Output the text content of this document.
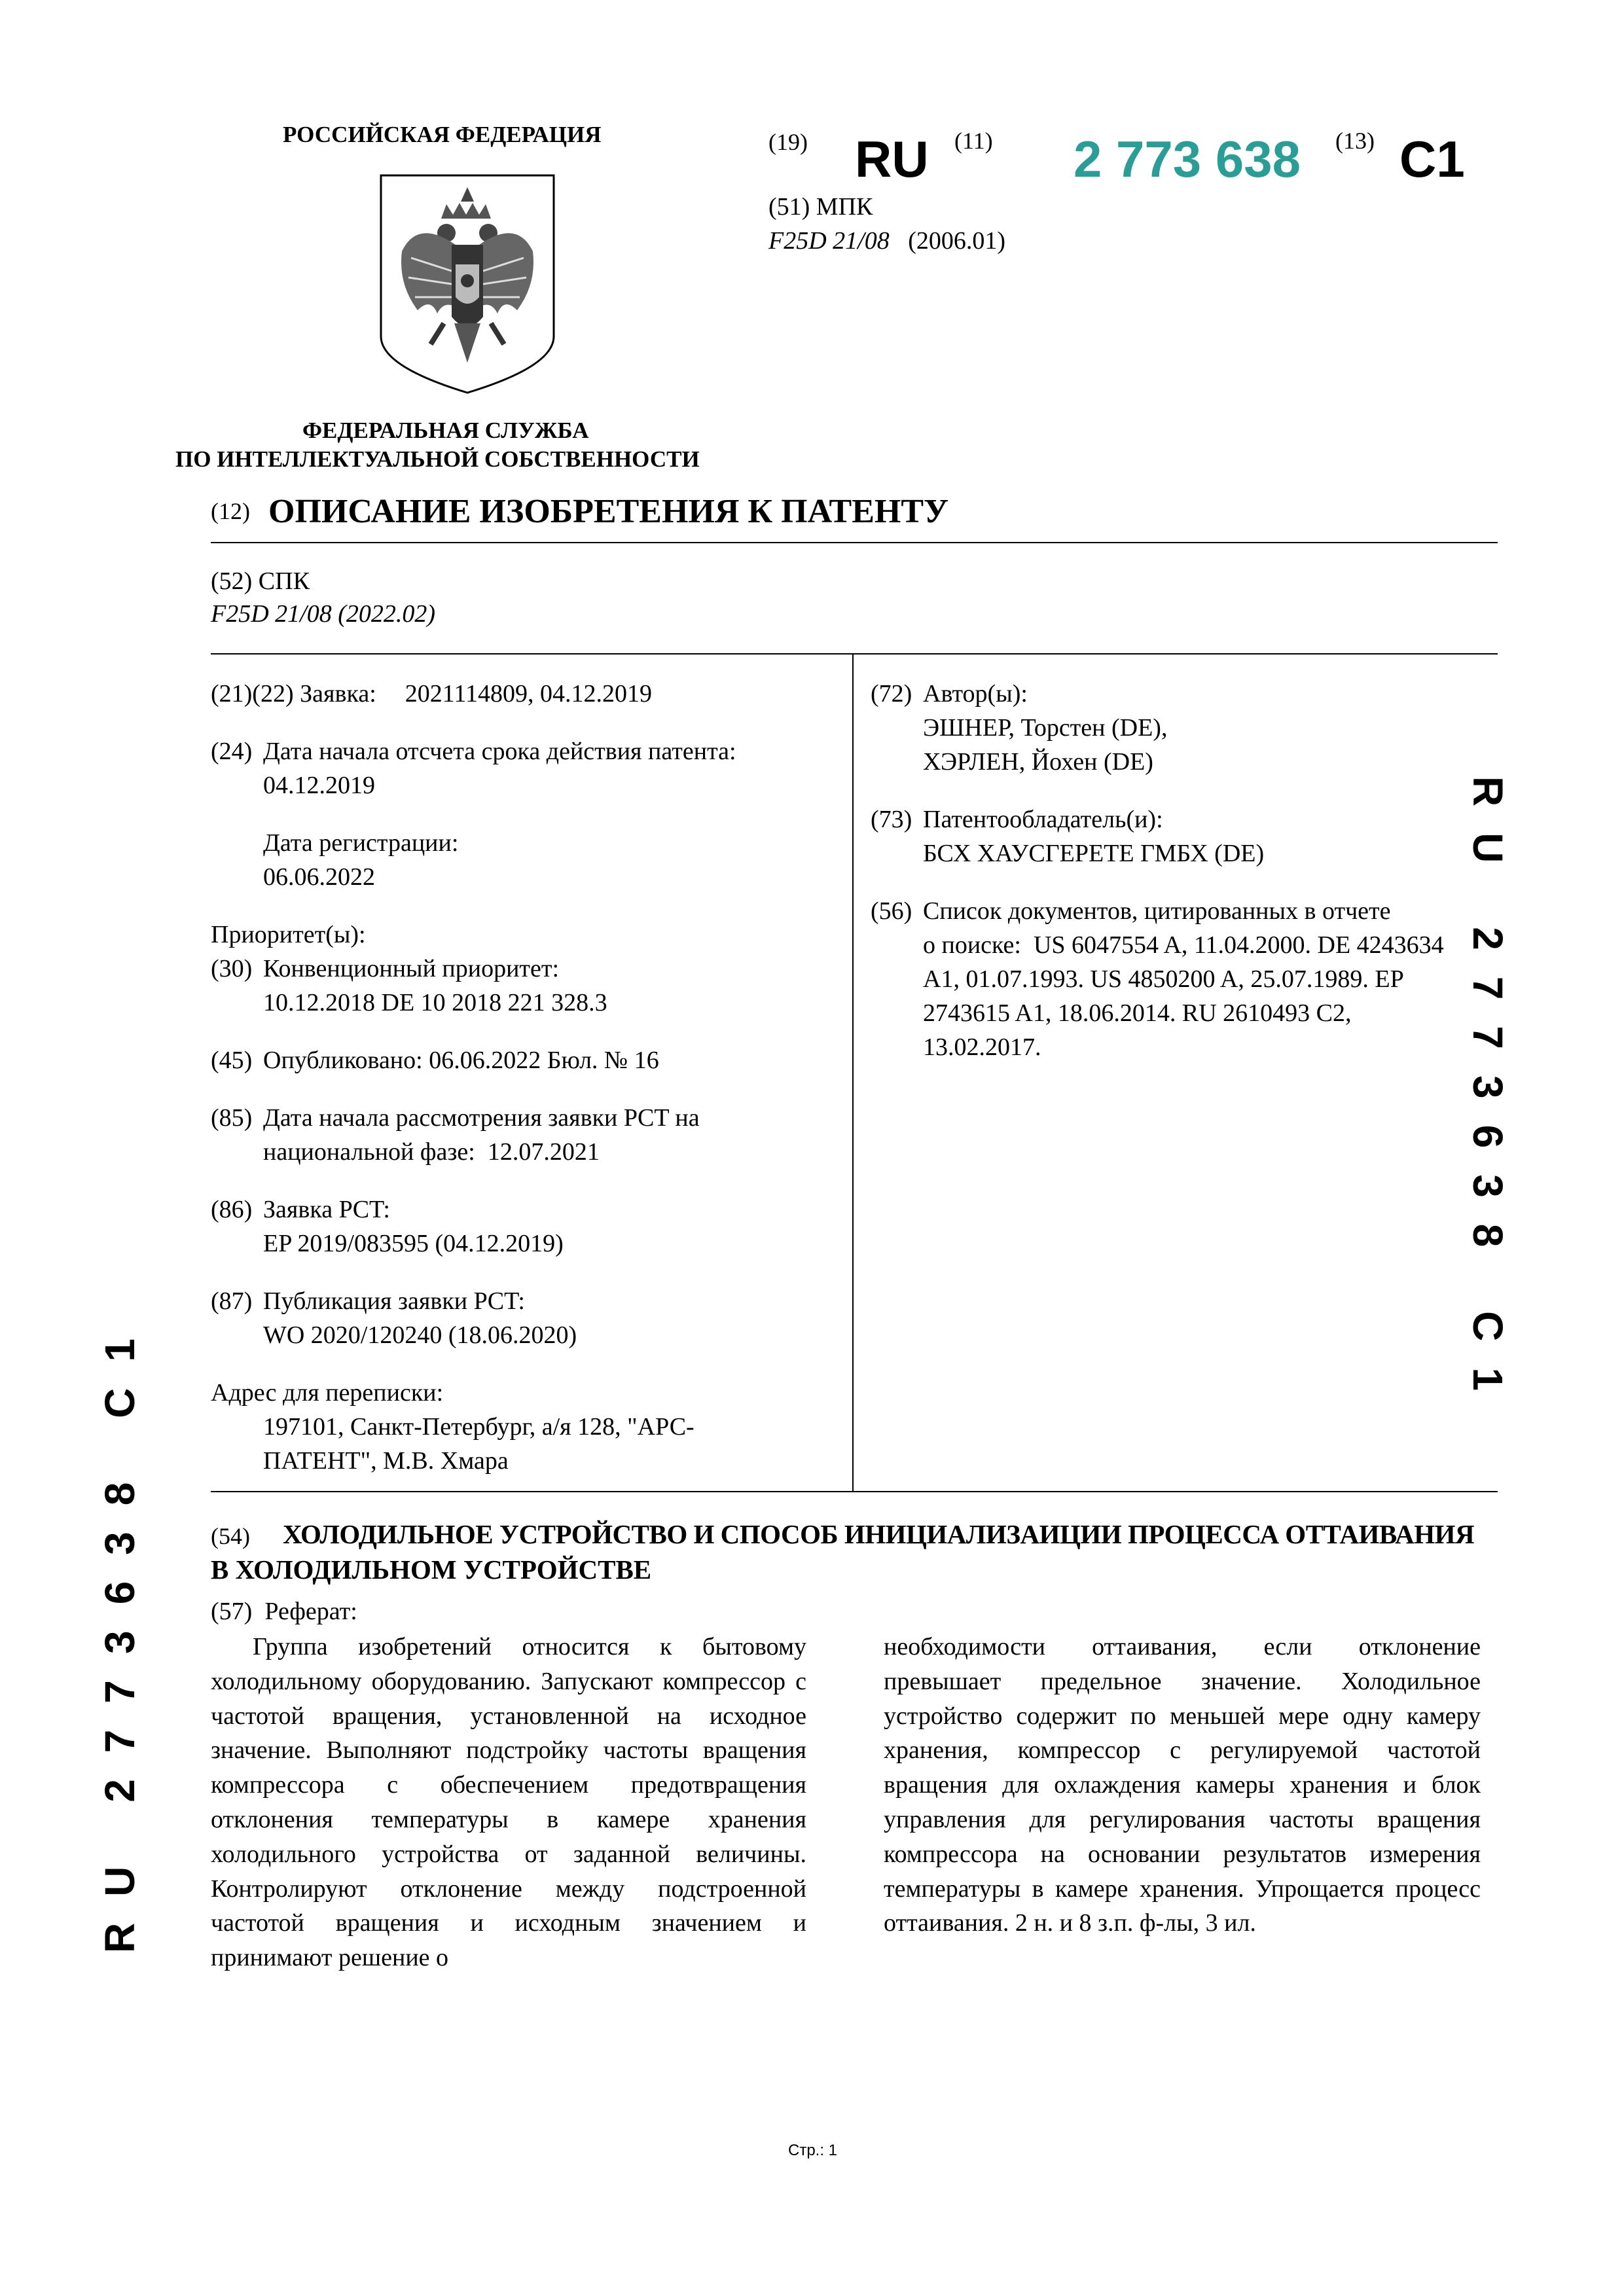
РОССИЙСКАЯ ФЕДЕРАЦИЯ
ФЕДЕРАЛЬНАЯ СЛУЖБА
ПО ИНТЕЛЛЕКТУАЛЬНОЙ СОБСТВЕННОСТИ
(19) RU (11) 2 773 638 (13) C1
(51) МПК
F25D 21/08 (2006.01)
(12) ОПИСАНИЕ ИЗОБРЕТЕНИЯ К ПАТЕНТУ
(52) СПК
F25D 21/08 (2022.02)
(21)(22) Заявка: 2021114809, 04.12.2019
(24) Дата начала отсчета срока действия патента:
04.12.2019
Дата регистрации:
06.06.2022
Приоритет(ы):
(30) Конвенционный приоритет:
10.12.2018 DE 10 2018 221 328.3
(45) Опубликовано: 06.06.2022 Бюл. № 16
(85) Дата начала рассмотрения заявки PCT на
национальной фазе: 12.07.2021
(86) Заявка PCT:
EP 2019/083595 (04.12.2019)
(87) Публикация заявки PCT:
WO 2020/120240 (18.06.2020)
Адрес для переписки:
197101, Санкт-Петербург, а/я 128, "АРС-
ПАТЕНТ", М.В. Хмара
(72) Автор(ы):
ЭШНЕР, Торстен (DE),
ХЭРЛЕН, Йохен (DE)
(73) Патентообладатель(и):
БСХ ХАУСГЕРЕТЕ ГМБХ (DE)
(56) Список документов, цитированных в отчете
о поиске: US 6047554 A, 11.04.2000. DE 4243634
A1, 01.07.1993. US 4850200 A, 25.07.1989. EP
2743615 A1, 18.06.2014. RU 2610493 C2,
13.02.2017.
(54) ХОЛОДИЛЬНОЕ УСТРОЙСТВО И СПОСОБ ИНИЦИАЛИЗАИЦИИ ПРОЦЕССА ОТТАИВАНИЯ
В ХОЛОДИЛЬНОМ УСТРОЙСТВЕ
(57) Реферат:
Группа изобретений относится к бытовому холодильному оборудованию. Запускают компрессор с частотой вращения, установленной на исходное значение. Выполняют подстройку частоты вращения компрессора с обеспечением предотвращения отклонения температуры в камере хранения холодильного устройства от заданной величины. Контролируют отклонение между подстроенной частотой вращения и исходным значением и принимают решение о
необходимости оттаивания, если отклонение превышает предельное значение. Холодильное устройство содержит по меньшей мере одну камеру хранения, компрессор с регулируемой частотой вращения для охлаждения камеры хранения и блок управления для регулирования частоты вращения компрессора на основании результатов измерения температуры в камере хранения. Упрощается процесс оттаивания. 2 н. и 8 з.п. ф-лы, 3 ил.
Стр.: 1
RU 2773638 C1
RU 2773638 C1
